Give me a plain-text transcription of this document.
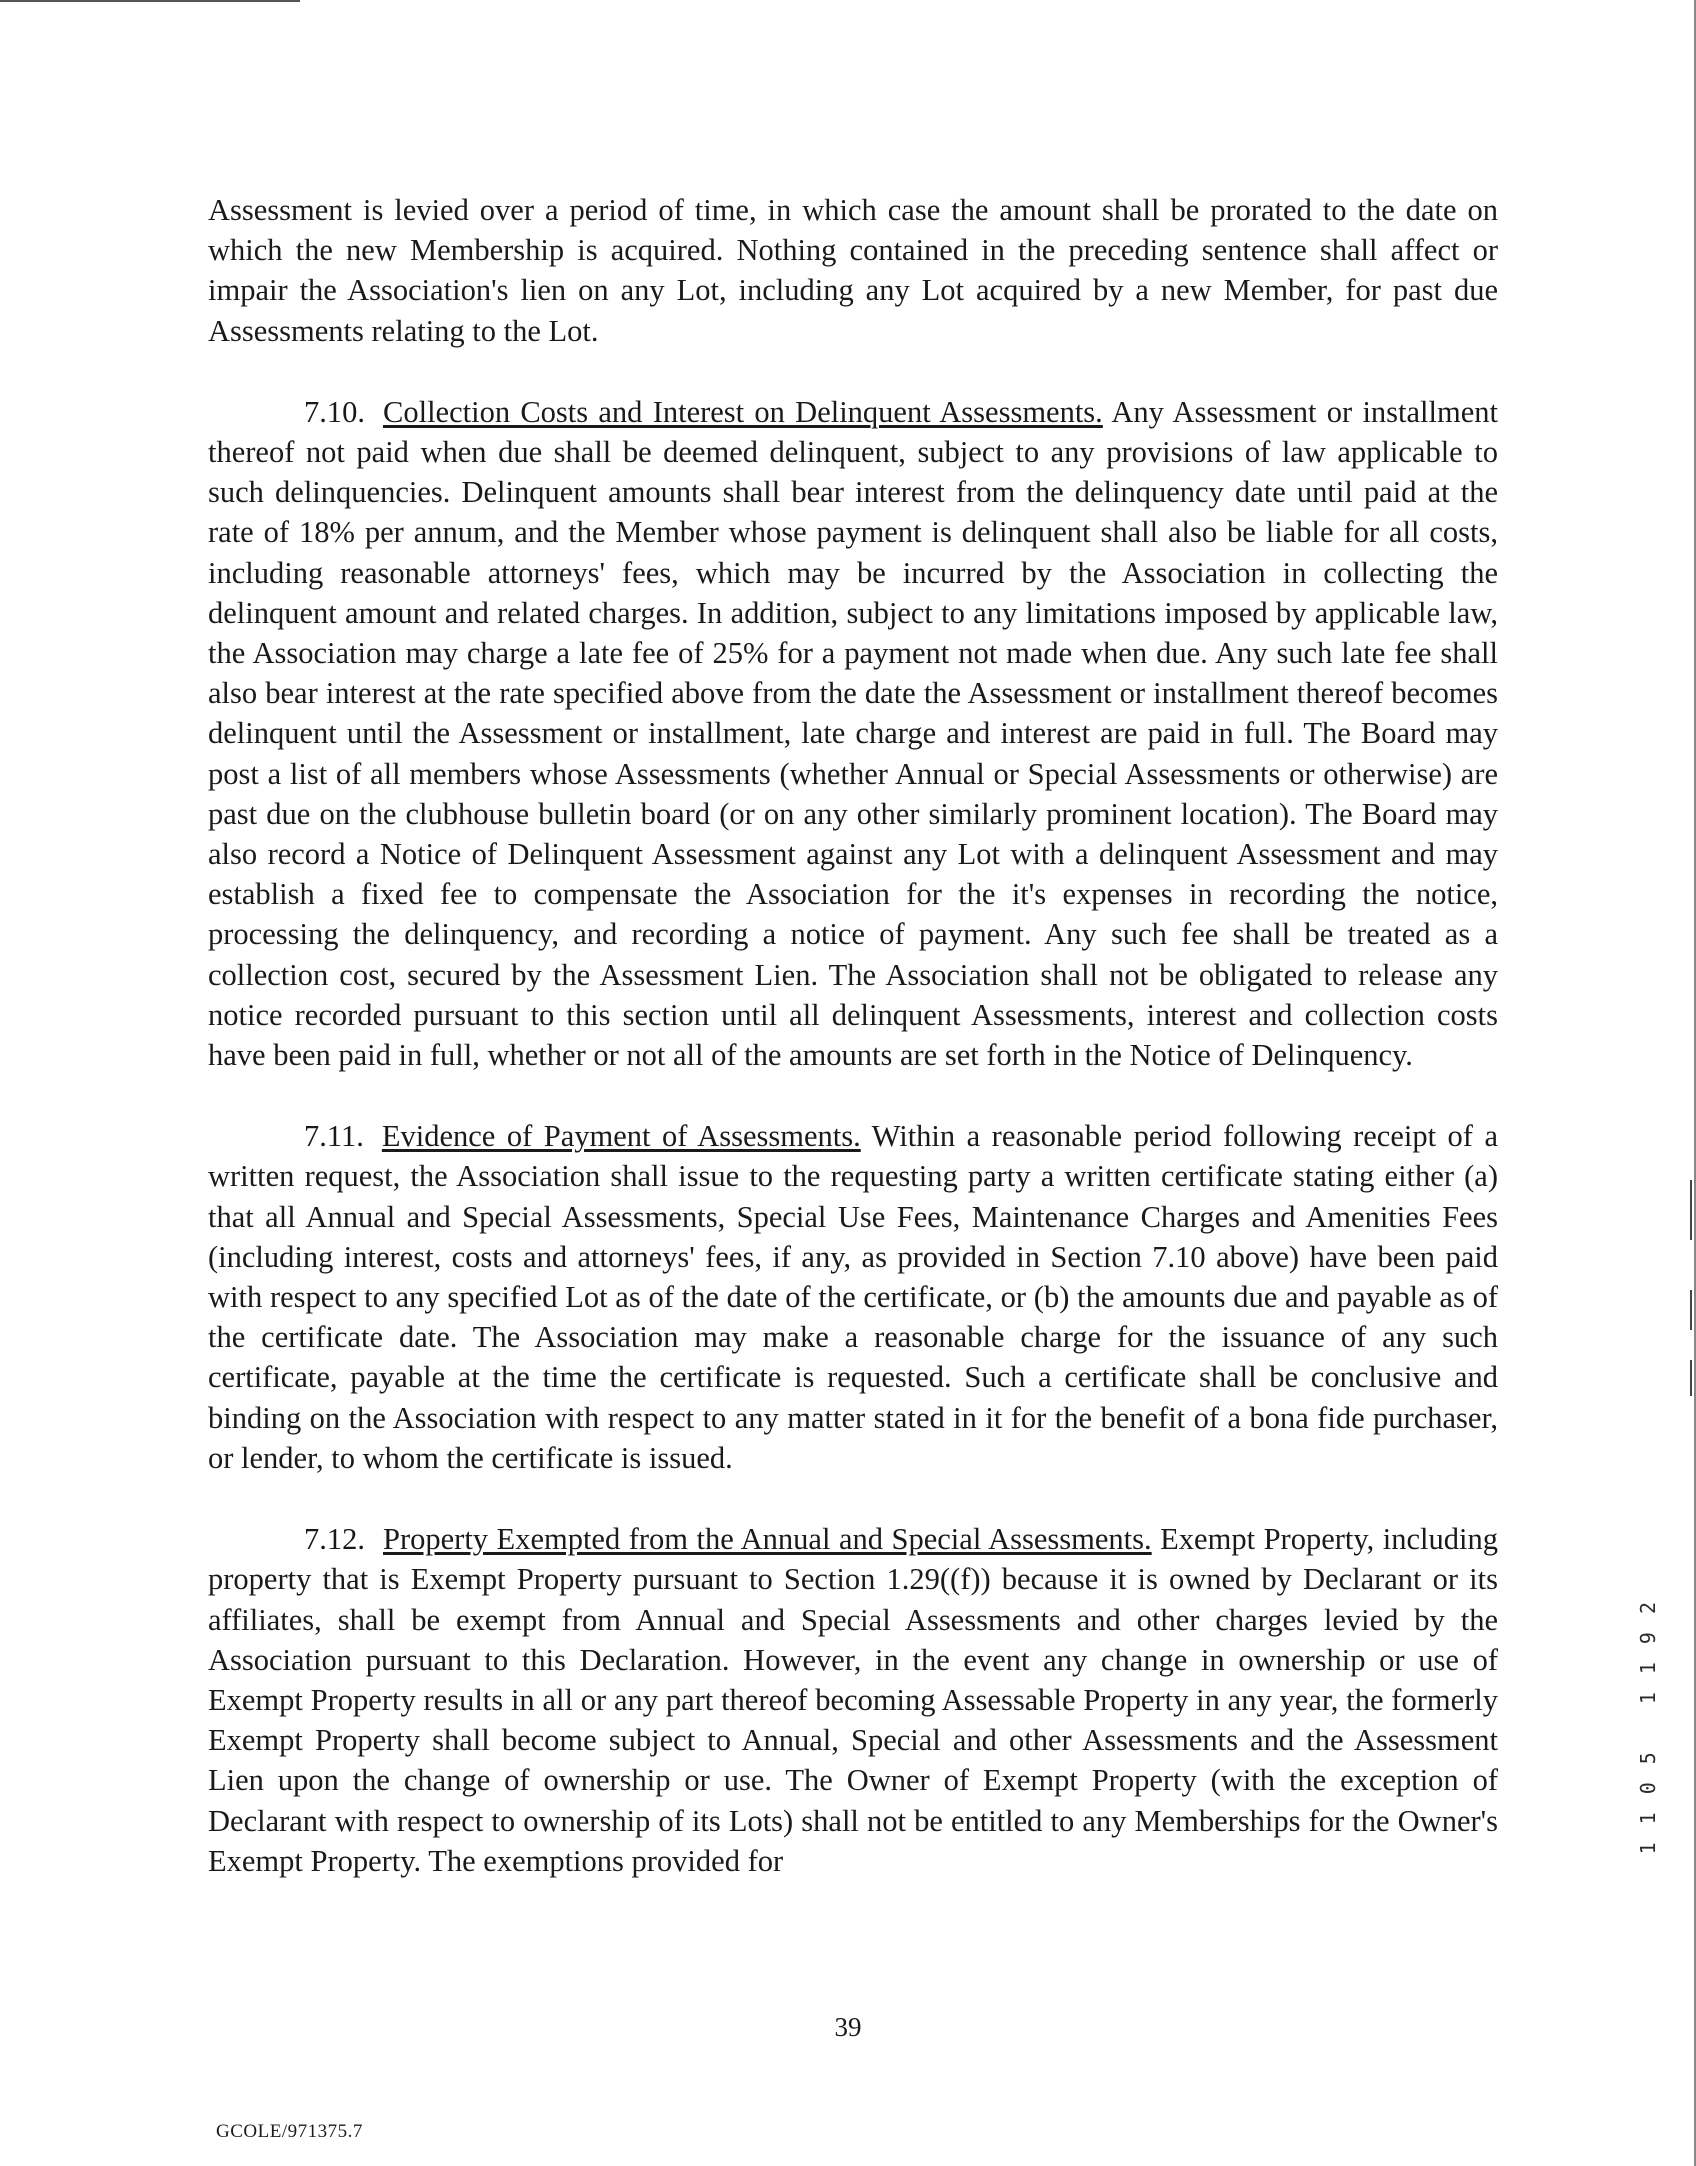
Assessment is levied over a period of time, in which case the amount shall be prorated to the date on which the new Membership is acquired. Nothing contained in the preceding sentence shall affect or impair the Association's lien on any Lot, including any Lot acquired by a new Member, for past due Assessments relating to the Lot.

7.10. Collection Costs and Interest on Delinquent Assessments. Any Assessment or installment thereof not paid when due shall be deemed delinquent, subject to any provisions of law applicable to such delinquencies. Delinquent amounts shall bear interest from the delinquency date until paid at the rate of 18% per annum, and the Member whose payment is delinquent shall also be liable for all costs, including reasonable attorneys' fees, which may be incurred by the Association in collecting the delinquent amount and related charges. In addition, subject to any limitations imposed by applicable law, the Association may charge a late fee of 25% for a payment not made when due. Any such late fee shall also bear interest at the rate specified above from the date the Assessment or installment thereof becomes delinquent until the Assessment or installment, late charge and interest are paid in full. The Board may post a list of all members whose Assessments (whether Annual or Special Assessments or otherwise) are past due on the clubhouse bulletin board (or on any other similarly prominent location). The Board may also record a Notice of Delinquent Assessment against any Lot with a delinquent Assessment and may establish a fixed fee to compensate the Association for the it's expenses in recording the notice, processing the delinquency, and recording a notice of payment. Any such fee shall be treated as a collection cost, secured by the Assessment Lien. The Association shall not be obligated to release any notice recorded pursuant to this section until all delinquent Assessments, interest and collection costs have been paid in full, whether or not all of the amounts are set forth in the Notice of Delinquency.

7.11. Evidence of Payment of Assessments. Within a reasonable period following receipt of a written request, the Association shall issue to the requesting party a written certificate stating either (a) that all Annual and Special Assessments, Special Use Fees, Maintenance Charges and Amenities Fees (including interest, costs and attorneys' fees, if any, as provided in Section 7.10 above) have been paid with respect to any specified Lot as of the date of the certificate, or (b) the amounts due and payable as of the certificate date. The Association may make a reasonable charge for the issuance of any such certificate, payable at the time the certificate is requested. Such a certificate shall be conclusive and binding on the Association with respect to any matter stated in it for the benefit of a bona fide purchaser, or lender, to whom the certificate is issued.

7.12. Property Exempted from the Annual and Special Assessments. Exempt Property, including property that is Exempt Property pursuant to Section 1.29((f)) because it is owned by Declarant or its affiliates, shall be exempt from Annual and Special Assessments and other charges levied by the Association pursuant to this Declaration. However, in the event any change in ownership or use of Exempt Property results in all or any part thereof becoming Assessable Property in any year, the formerly Exempt Property shall become subject to Annual, Special and other Assessments and the Assessment Lien upon the change of ownership or use. The Owner of Exempt Property (with the exception of Declarant with respect to ownership of its Lots) shall not be entitled to any Memberships for the Owner's Exempt Property. The exemptions provided for

1105 1192
39
GCOLE/971375.7
